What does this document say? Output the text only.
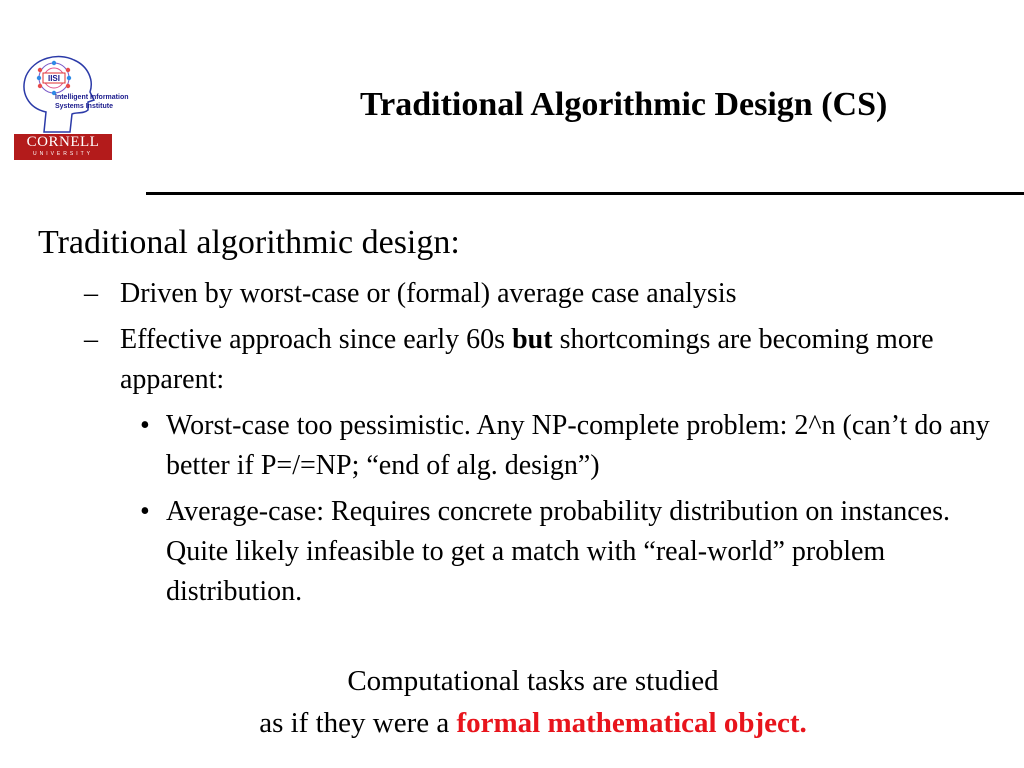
IISI
Intelligent Information
Systems Institute
CORNELL
UNIVERSITY
Traditional Algorithmic Design (CS)
Traditional algorithmic design:
– Driven by worst-case or (formal) average case analysis
– Effective approach since early 60s but shortcomings are becoming more apparent:
• Worst-case too pessimistic. Any NP-complete problem: 2^n (can’t do any better if P=/=NP; “end of alg. design”)
• Average-case: Requires concrete probability distribution on instances. Quite likely infeasible to get a match with “real-world” problem distribution.
Computational tasks are studied
as if they were a formal mathematical object.
